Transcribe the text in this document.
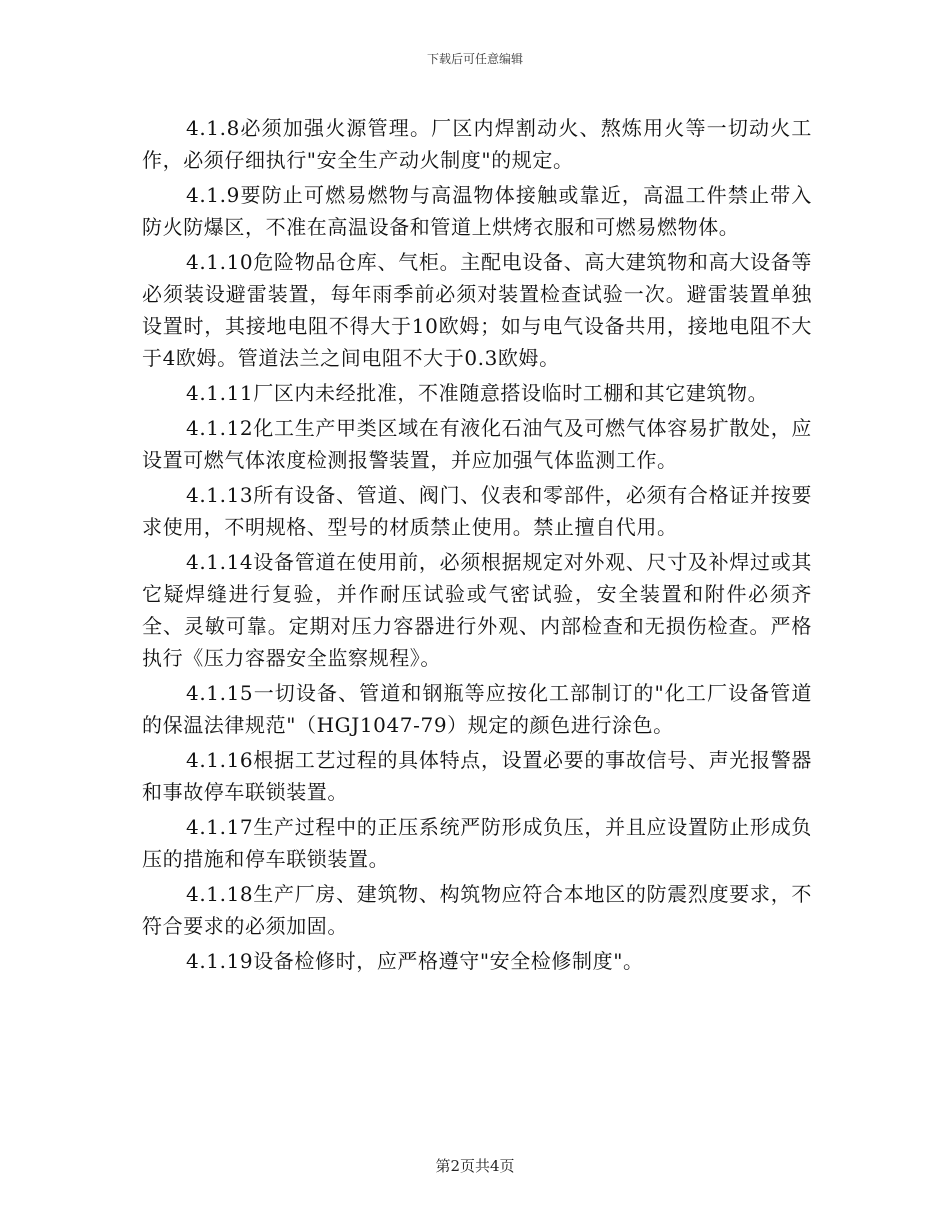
下载后可任意编辑

4.1.8必须加强火源管理。厂区内焊割动火、熬炼用火等一切动火工作，必须仔细执行"安全生产动火制度"的规定。

4.1.9要防止可燃易燃物与高温物体接触或靠近，高温工件禁止带入防火防爆区，不准在高温设备和管道上烘烤衣服和可燃易燃物体。

4.1.10危险物品仓库、气柜。主配电设备、高大建筑物和高大设备等必须装设避雷装置，每年雨季前必须对装置检查试验一次。避雷装置单独设置时，其接地电阻不得大于10欧姆；如与电气设备共用，接地电阻不大于4欧姆。管道法兰之间电阻不大于0.3欧姆。

4.1.11厂区内未经批准，不准随意搭设临时工棚和其它建筑物。

4.1.12化工生产甲类区域在有液化石油气及可燃气体容易扩散处，应设置可燃气体浓度检测报警装置，并应加强气体监测工作。

4.1.13所有设备、管道、阀门、仪表和零部件，必须有合格证并按要求使用，不明规格、型号的材质禁止使用。禁止擅自代用。

4.1.14设备管道在使用前，必须根据规定对外观、尺寸及补焊过或其它疑焊缝进行复验，并作耐压试验或气密试验，安全装置和附件必须齐全、灵敏可靠。定期对压力容器进行外观、内部检查和无损伤检查。严格执行《压力容器安全监察规程》。

4.1.15一切设备、管道和钢瓶等应按化工部制订的"化工厂设备管道的保温法律规范"（HGJ1047-79）规定的颜色进行涂色。

4.1.16根据工艺过程的具体特点，设置必要的事故信号、声光报警器和事故停车联锁装置。

4.1.17生产过程中的正压系统严防形成负压，并且应设置防止形成负压的措施和停车联锁装置。

4.1.18生产厂房、建筑物、构筑物应符合本地区的防震烈度要求，不符合要求的必须加固。

4.1.19设备检修时，应严格遵守"安全检修制度"。

第2页共4页
